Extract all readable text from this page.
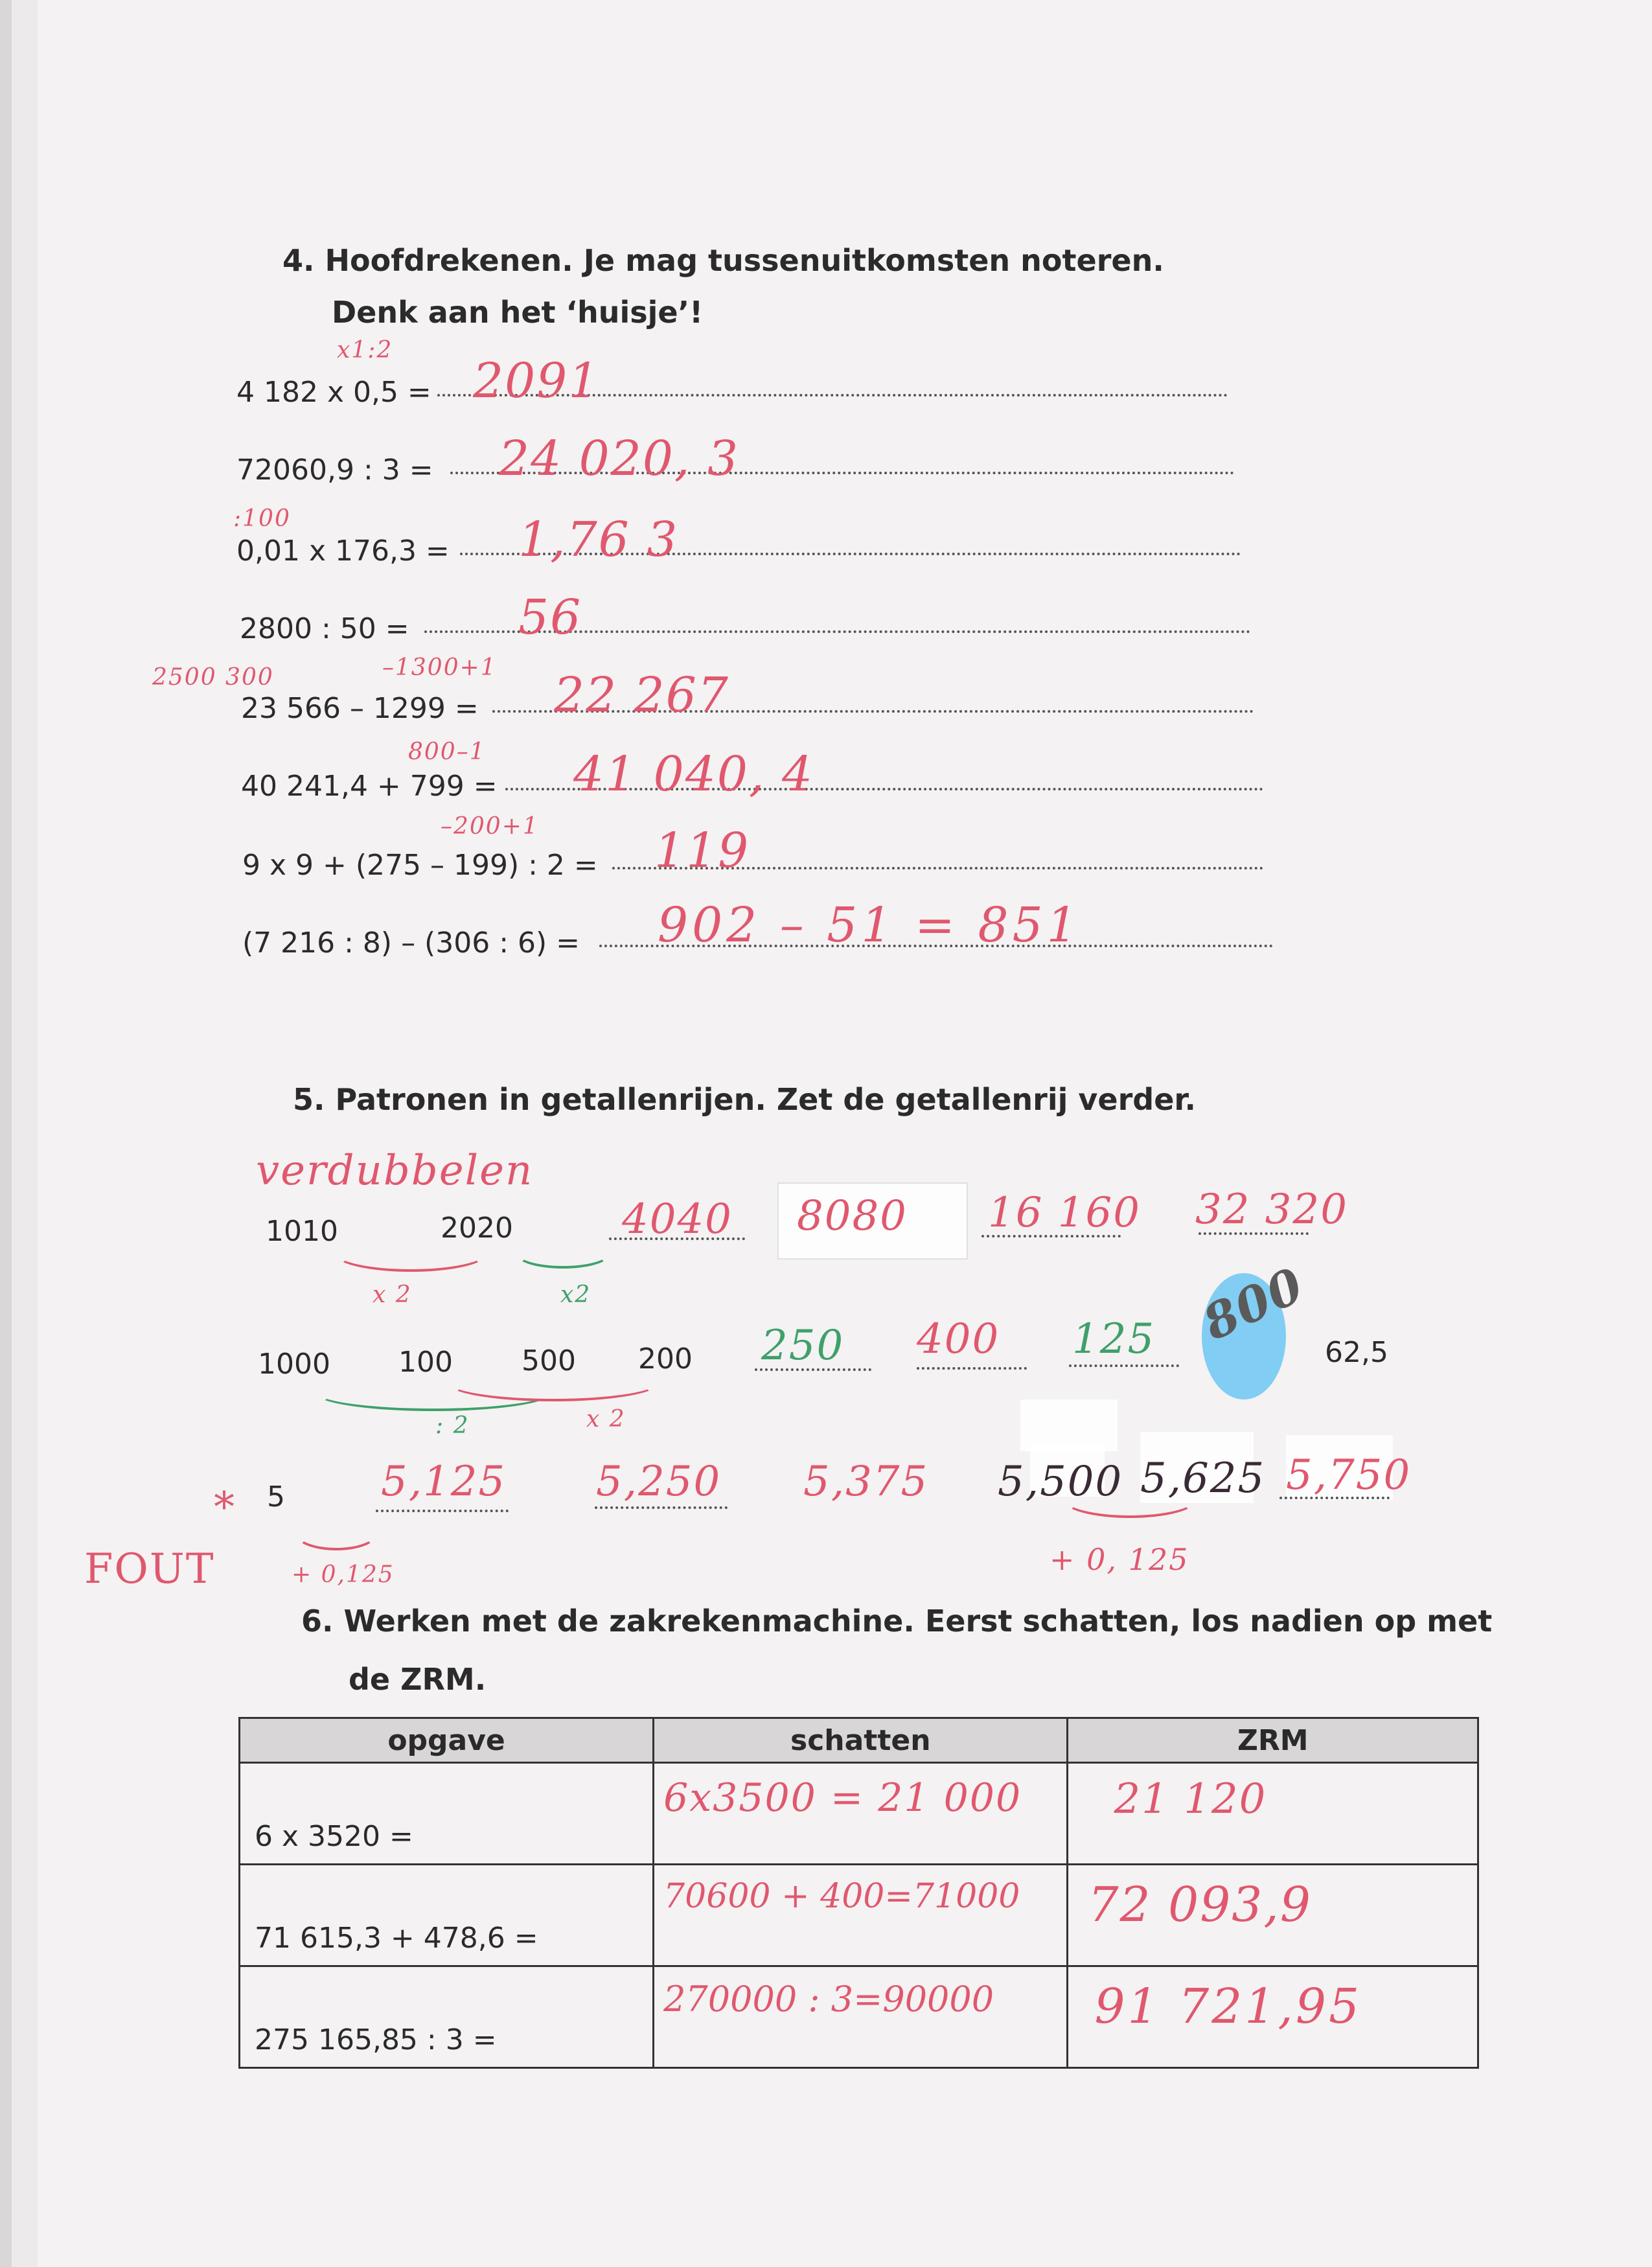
4. Hoofdrekenen. Je mag tussenuitkomsten noteren.
Denk aan het ‘huisje’!
x1:2
4 182 x 0,5 = 2091
72060,9 : 3 = 24 020, 3
:100
0,01 x 176,3 = 1,76 3
2800 : 50 = 56
2500 300	–1300+1
23 566 – 1299 = 22 267
800–1
40 241,4 + 799 = 41 040, 4
–200+1
9 x 9 + (275 – 199) : 2 = 119
(7 216 : 8) – (306 : 6) = 902 – 51 = 851
5. Patronen in getallenrijen. Zet de getallenrij verder.
verdubbelen
1010	2020
x 2	x2
4040 8080 16 160 32 320
1000 100 500 200
: 2	x 2
250 400 125 800
62,5
*
FOUT
5 5,125 5,250 5,375 5,500 5,625 5,750
+ 0,125	+ 0, 125
6. Werken met de zakrekenmachine. Eerst schatten, los nadien op met
de ZRM.
opgave	schatten	ZRM
6 x 3520 =	6x3500 = 21 000	21 120

71 615,3 + 478,6 =	70600 + 400=71000	72 093,9

275 165,85 : 3 =	270000 : 3=90000	91 721,95
